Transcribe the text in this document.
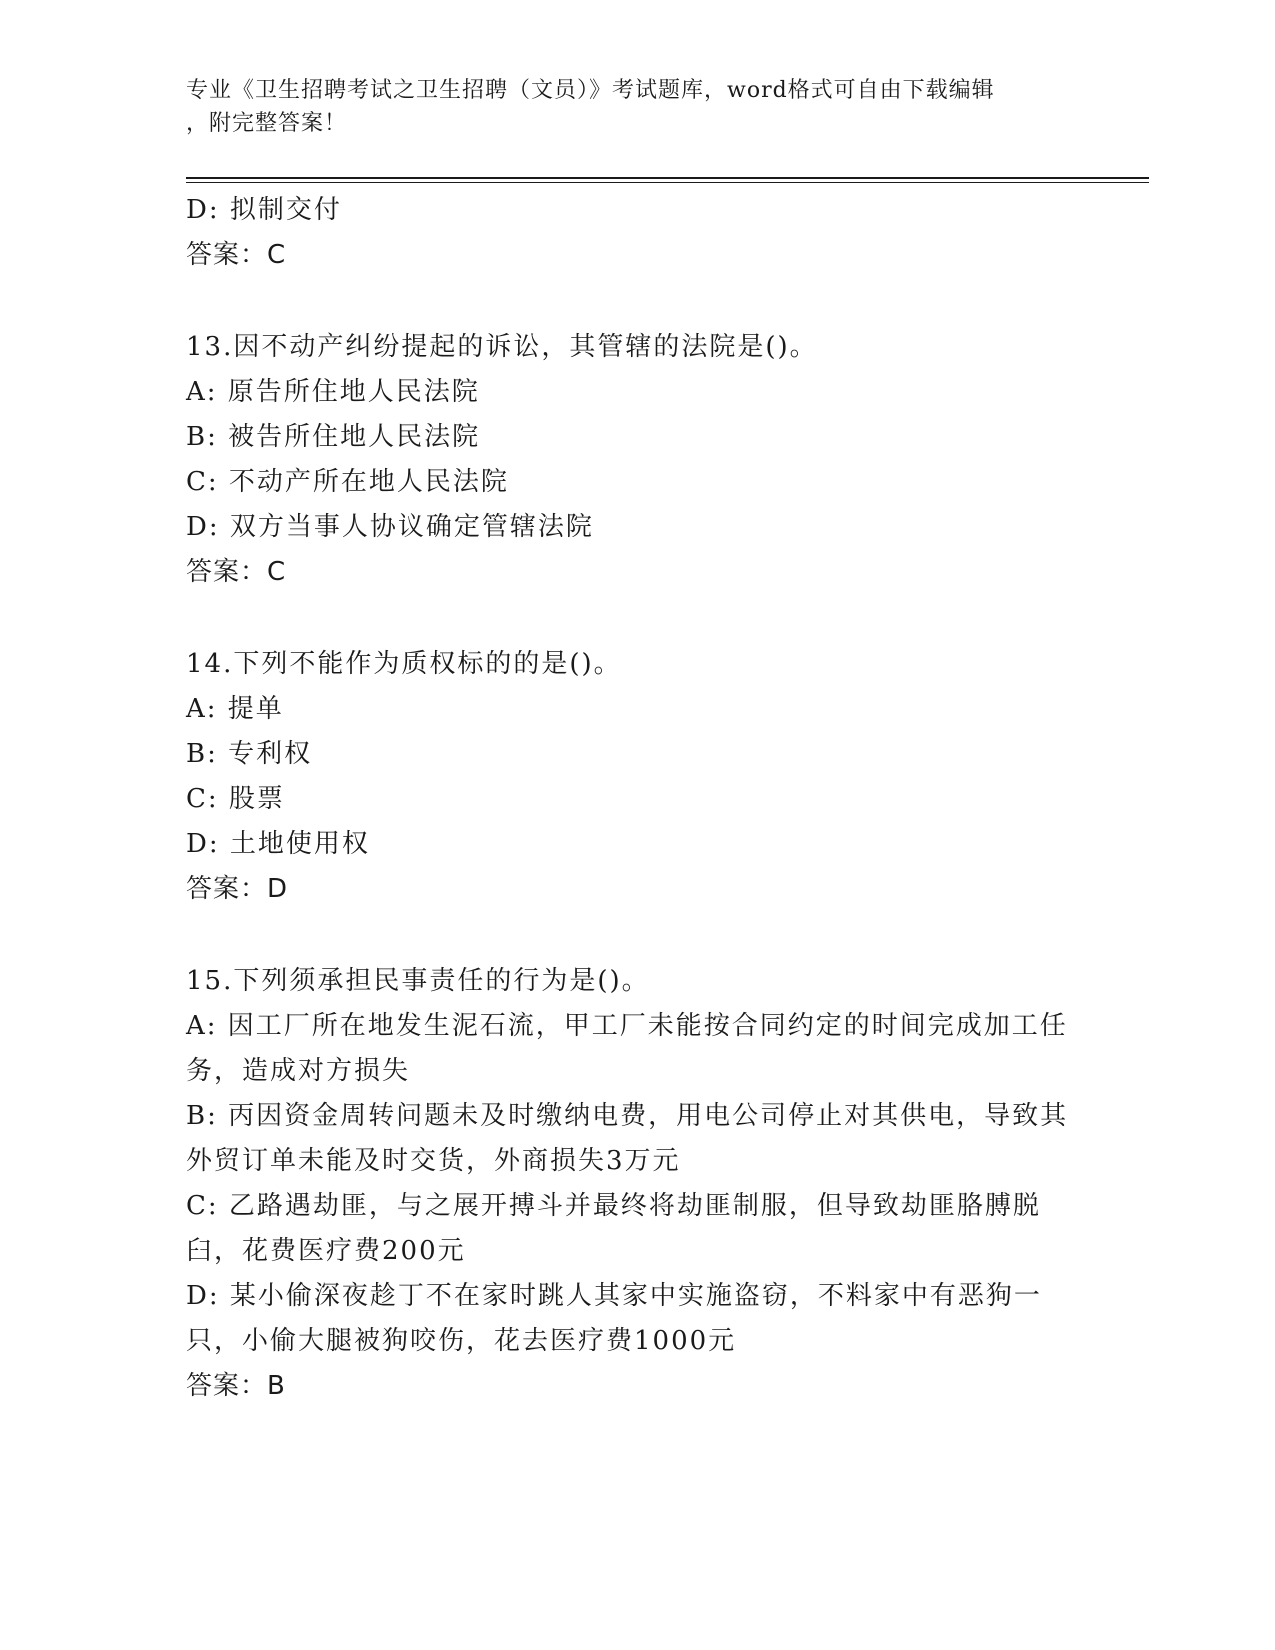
专业《卫生招聘考试之卫生招聘（文员）》考试题库，word格式可自由下载编辑
，附完整答案！
D: 拟制交付
答案：C
13.因不动产纠纷提起的诉讼，其管辖的法院是()。
A: 原告所住地人民法院
B: 被告所住地人民法院
C: 不动产所在地人民法院
D: 双方当事人协议确定管辖法院
答案：C
14.下列不能作为质权标的的是()。
A: 提单
B: 专利权
C: 股票
D: 土地使用权
答案：D
15.下列须承担民事责任的行为是()。
A: 因工厂所在地发生泥石流，甲工厂未能按合同约定的时间完成加工任务，造成对方损失
B: 丙因资金周转问题未及时缴纳电费，用电公司停止对其供电，导致其外贸订单未能及时交货，外商损失3万元
C: 乙路遇劫匪，与之展开搏斗并最终将劫匪制服，但导致劫匪胳膊脱臼，花费医疗费200元
D: 某小偷深夜趁丁不在家时跳人其家中实施盗窃，不料家中有恶狗一只，小偷大腿被狗咬伤，花去医疗费1000元
答案：B
